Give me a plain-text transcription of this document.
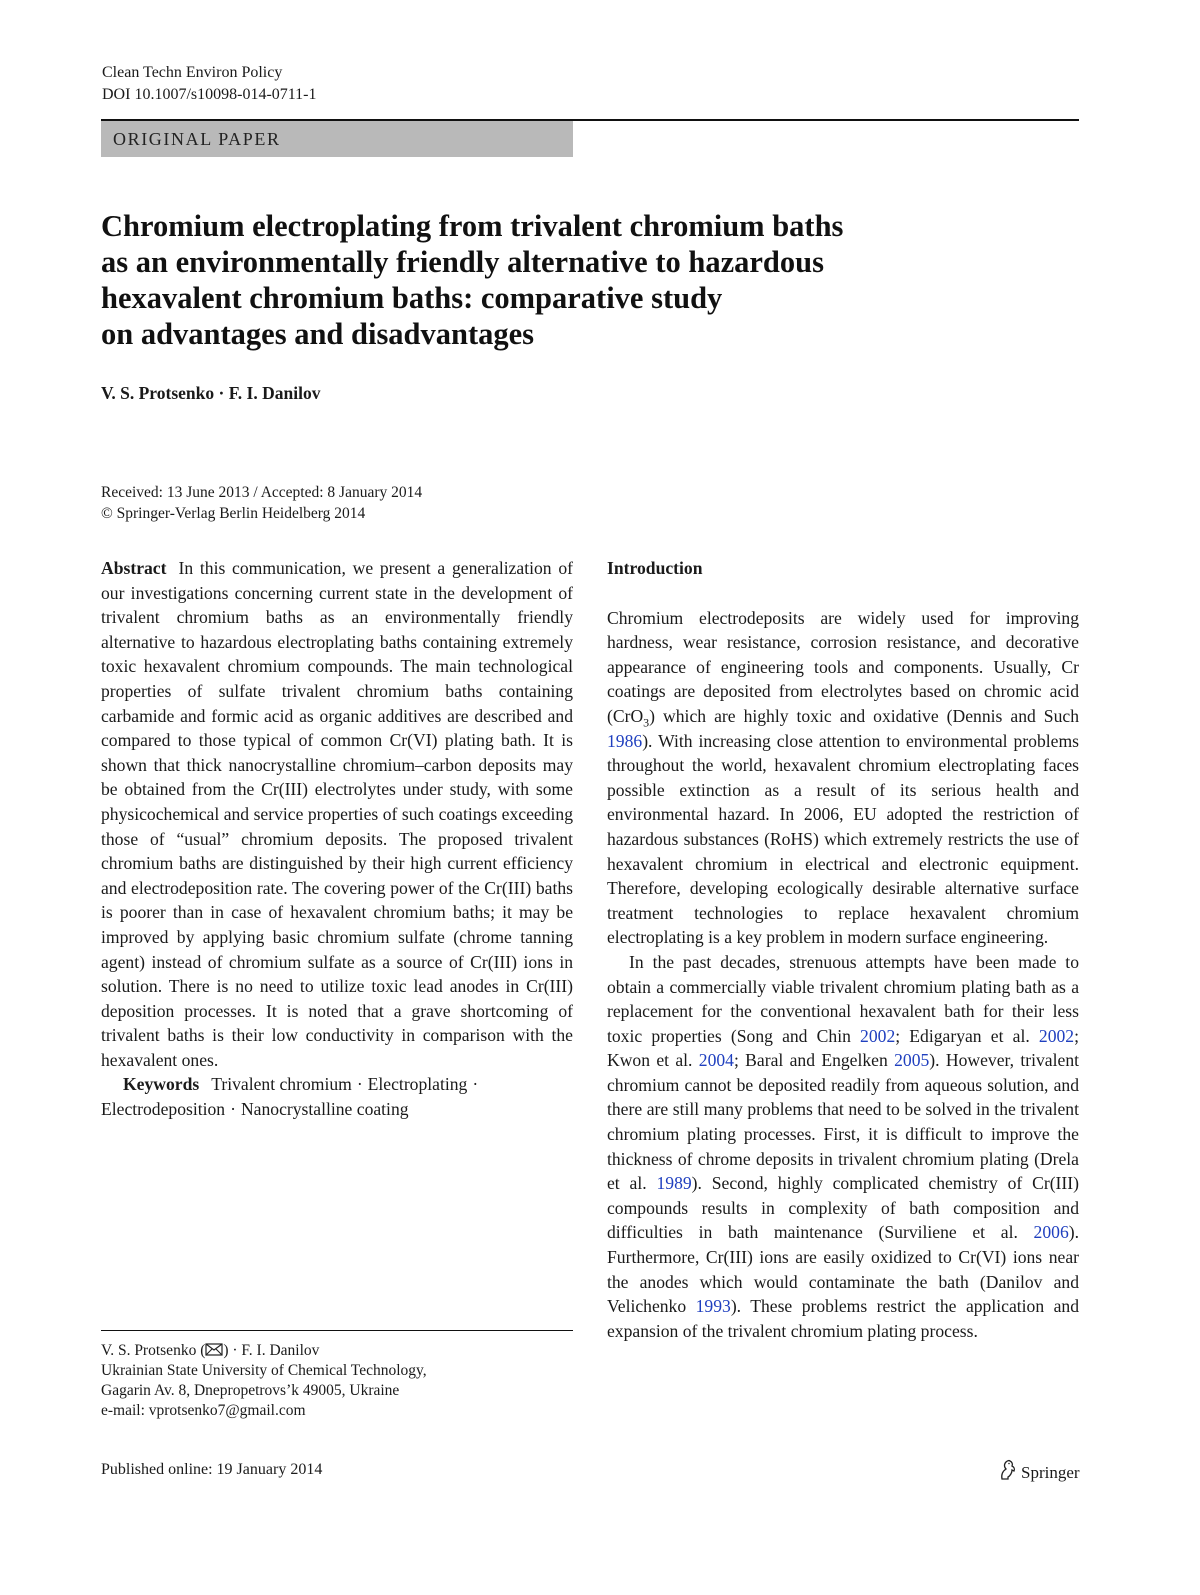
Clean Techn Environ Policy
DOI 10.1007/s10098-014-0711-1
ORIGINAL PAPER
Chromium electroplating from trivalent chromium baths
as an environmentally friendly alternative to hazardous
hexavalent chromium baths: comparative study
on advantages and disadvantages
V. S. Protsenko · F. I. Danilov
Received: 13 June 2013 / Accepted: 8 January 2014
© Springer-Verlag Berlin Heidelberg 2014

Abstract In this communication, we present a generalization of our investigations concerning current state in the development of trivalent chromium baths as an environmentally friendly alternative to hazardous electroplating baths containing extremely toxic hexavalent chromium compounds. The main technological properties of sulfate trivalent chromium baths containing carbamide and formic acid as organic additives are described and compared to those typical of common Cr(VI) plating bath. It is shown that thick nanocrystalline chromium–carbon deposits may be obtained from the Cr(III) electrolytes under study, with some physicochemical and service properties of such coatings exceeding those of “usual” chromium deposits. The proposed trivalent chromium baths are distinguished by their high current efficiency and electrodeposition rate. The covering power of the Cr(III) baths is poorer than in case of hexavalent chromium baths; it may be improved by applying basic chromium sulfate (chrome tanning agent) instead of chromium sulfate as a source of Cr(III) ions in solution. There is no need to utilize toxic lead anodes in Cr(III) deposition processes. It is noted that a grave shortcoming of trivalent baths is their low conductivity in comparison with the hexavalent ones.

Keywords Trivalent chromium · Electroplating ·
Electrodeposition · Nanocrystalline coating

V. S. Protsenko ( ) · F. I. Danilov
Ukrainian State University of Chemical Technology,
Gagarin Av. 8, Dnepropetrovs’k 49005, Ukraine
e-mail: vprotsenko7@gmail.com
Introduction

Chromium electrodeposits are widely used for improving hardness, wear resistance, corrosion resistance, and decorative appearance of engineering tools and components. Usually, Cr coatings are deposited from electrolytes based on chromic acid (CrO$_3$) which are highly toxic and oxidative (Dennis and Such 1986). With increasing close attention to environmental problems throughout the world, hexavalent chromium electroplating faces possible extinction as a result of its serious health and environmental hazard. In 2006, EU adopted the restriction of hazardous substances (RoHS) which extremely restricts the use of hexavalent chromium in electrical and electronic equipment. Therefore, developing ecologically desirable alternative surface treatment technologies to replace hexavalent chromium electroplating is a key problem in modern surface engineering.

In the past decades, strenuous attempts have been made to obtain a commercially viable trivalent chromium plating bath as a replacement for the conventional hexavalent bath for their less toxic properties (Song and Chin 2002; Edigaryan et al. 2002; Kwon et al. 2004; Baral and Engelken 2005). However, trivalent chromium cannot be deposited readily from aqueous solution, and there are still many problems that need to be solved in the trivalent chromium plating processes. First, it is difficult to improve the thickness of chrome deposits in trivalent chromium plating (Drela et al. 1989). Second, highly complicated chemistry of Cr(III) compounds results in complexity of bath composition and difficulties in bath maintenance (Surviliene et al. 2006). Furthermore, Cr(III) ions are easily oxidized to Cr(VI) ions near the anodes which would contaminate the bath (Danilov and Velichenko 1993). These problems restrict the application and expansion of the trivalent chromium plating process.

Published online: 19 January 2014	Springer
